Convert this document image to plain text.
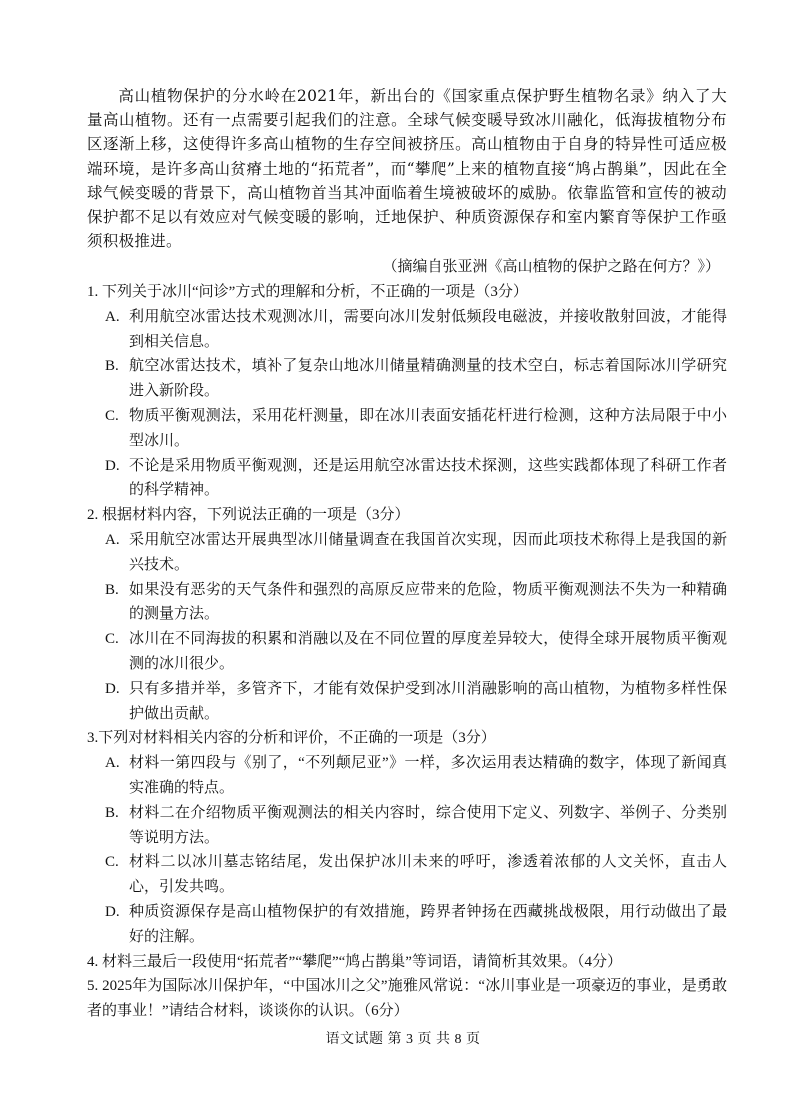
高山植物保护的分水岭在2021年，新出台的《国家重点保护野生植物名录》纳入了大量高山植物。还有一点需要引起我们的注意。全球气候变暖导致冰川融化，低海拔植物分布区逐渐上移，这使得许多高山植物的生存空间被挤压。高山植物由于自身的特异性可适应极端环境，是许多高山贫瘠土地的“拓荒者”，而“攀爬”上来的植物直接“鸠占鹊巢”，因此在全球气候变暖的背景下，高山植物首当其冲面临着生境被破坏的威胁。依靠监管和宣传的被动保护都不足以有效应对气候变暖的影响，迁地保护、种质资源保存和室内繁育等保护工作亟须积极推进。
（摘编自张亚洲《高山植物的保护之路在何方？》）
1. 下列关于冰川“问诊”方式的理解和分析，不正确的一项是（3分）
A. 利用航空冰雷达技术观测冰川，需要向冰川发射低频段电磁波，并接收散射回波，才能得到相关信息。
B. 航空冰雷达技术，填补了复杂山地冰川储量精确测量的技术空白，标志着国际冰川学研究进入新阶段。
C. 物质平衡观测法，采用花杆测量，即在冰川表面安插花杆进行检测，这种方法局限于中小型冰川。
D. 不论是采用物质平衡观测，还是运用航空冰雷达技术探测，这些实践都体现了科研工作者的科学精神。
2. 根据材料内容，下列说法正确的一项是（3分）
A. 采用航空冰雷达开展典型冰川储量调查在我国首次实现，因而此项技术称得上是我国的新兴技术。
B. 如果没有恶劣的天气条件和强烈的高原反应带来的危险，物质平衡观测法不失为一种精确的测量方法。
C. 冰川在不同海拔的积累和消融以及在不同位置的厚度差异较大，使得全球开展物质平衡观测的冰川很少。
D. 只有多措并举，多管齐下，才能有效保护受到冰川消融影响的高山植物，为植物多样性保护做出贡献。
3.下列对材料相关内容的分析和评价，不正确的一项是（3分）
A. 材料一第四段与《别了，“不列颠尼亚”》一样，多次运用表达精确的数字，体现了新闻真实准确的特点。
B. 材料二在介绍物质平衡观测法的相关内容时，综合使用下定义、列数字、举例子、分类别等说明方法。
C. 材料二以冰川墓志铭结尾，发出保护冰川未来的呼吁，渗透着浓郁的人文关怀，直击人心，引发共鸣。
D. 种质资源保存是高山植物保护的有效措施，跨界者钟扬在西藏挑战极限，用行动做出了最好的注解。
4. 材料三最后一段使用“拓荒者”“攀爬”“鸠占鹊巢”等词语，请简析其效果。（4分）
5. 2025年为国际冰川保护年，“中国冰川之父”施雅风常说：“冰川事业是一项豪迈的事业，是勇敢者的事业！”请结合材料，谈谈你的认识。（6分）
语文试题 第 3 页 共 8 页
